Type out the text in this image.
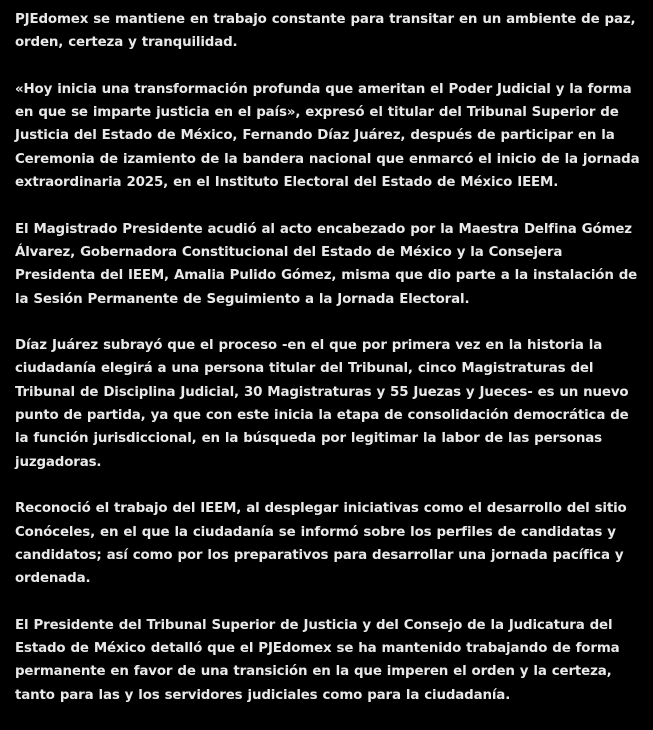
PJEdomex se mantiene en trabajo constante para transitar en un ambiente de paz, orden, certeza y tranquilidad.

«Hoy inicia una transformación profunda que ameritan el Poder Judicial y la forma en que se imparte justicia en el país», expresó el titular del Tribunal Superior de Justicia del Estado de México, Fernando Díaz Juárez, después de participar en la Ceremonia de izamiento de la bandera nacional que enmarcó el inicio de la jornada extraordinaria 2025, en el Instituto Electoral del Estado de México IEEM.

El Magistrado Presidente acudió al acto encabezado por la Maestra Delfina Gómez Álvarez, Gobernadora Constitucional del Estado de México y la Consejera Presidenta del IEEM, Amalia Pulido Gómez, misma que dio parte a la instalación de la Sesión Permanente de Seguimiento a la Jornada Electoral.

Díaz Juárez subrayó que el proceso -en el que por primera vez en la historia la ciudadanía elegirá a una persona titular del Tribunal, cinco Magistraturas del Tribunal de Disciplina Judicial, 30 Magistraturas y 55 Juezas y Jueces- es un nuevo punto de partida, ya que con este inicia la etapa de consolidación democrática de la función jurisdiccional, en la búsqueda por legitimar la labor de las personas juzgadoras.

Reconoció el trabajo del IEEM, al desplegar iniciativas como el desarrollo del sitio Conóceles, en el que la ciudadanía se informó sobre los perfiles de candidatas y candidatos; así como por los preparativos para desarrollar una jornada pacífica y ordenada.

El Presidente del Tribunal Superior de Justicia y del Consejo de la Judicatura del Estado de México detalló que el PJEdomex se ha mantenido trabajando de forma permanente en favor de una transición en la que imperen el orden y la certeza, tanto para las y los servidores judiciales como para la ciudadanía.
